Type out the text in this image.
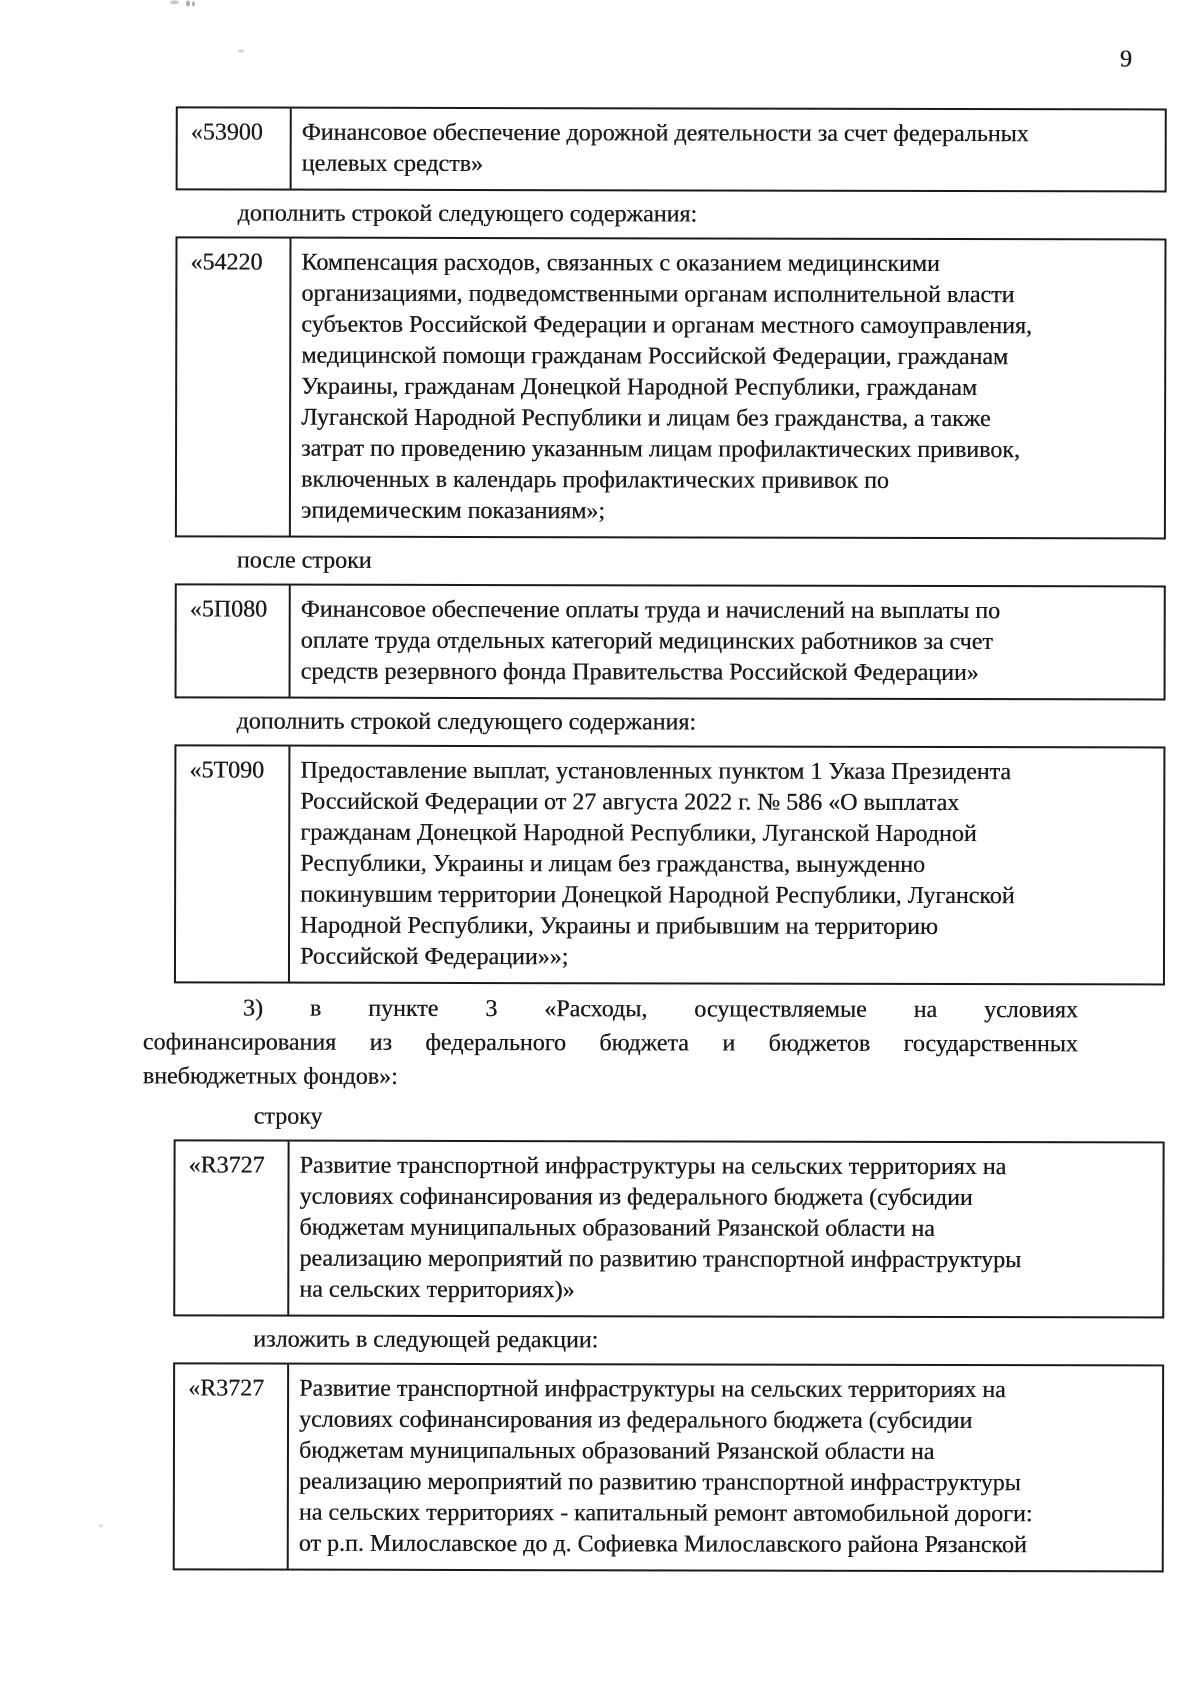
9
«53900	Финансовое обеспечение дорожной деятельности за счет федеральных
целевых средств»
дополнить строкой следующего содержания:
«54220	Компенсация расходов, связанных с оказанием медицинскими
организациями, подведомственными органам исполнительной власти
субъектов Российской Федерации и органам местного самоуправления,
медицинской помощи гражданам Российской Федерации, гражданам
Украины, гражданам Донецкой Народной Республики, гражданам
Луганской Народной Республики и лицам без гражданства, а также
затрат по проведению указанным лицам профилактических прививок,
включенных в календарь профилактических прививок по
эпидемическим показаниям»;
после строки
«5П080	Финансовое обеспечение оплаты труда и начислений на выплаты по
оплате труда отдельных категорий медицинских работников за счет
средств резервного фонда Правительства Российской Федерации»
дополнить строкой следующего содержания:
«5Т090	Предоставление выплат, установленных пунктом 1 Указа Президента
Российской Федерации от 27 августа 2022 г. № 586 «О выплатах
гражданам Донецкой Народной Республики, Луганской Народной
Республики, Украины и лицам без гражданства, вынужденно
покинувшим территории Донецкой Народной Республики, Луганской
Народной Республики, Украины и прибывшим на территорию
Российской Федерации»»;
3) в пункте 3 «Расходы, осуществляемые на условиях
софинансирования из федерального бюджета и бюджетов государственных
внебюджетных фондов»:
строку
«R3727	Развитие транспортной инфраструктуры на сельских территориях на
условиях софинансирования из федерального бюджета (субсидии
бюджетам муниципальных образований Рязанской области на
реализацию мероприятий по развитию транспортной инфраструктуры
на сельских территориях)»
изложить в следующей редакции:
«R3727	Развитие транспортной инфраструктуры на сельских территориях на
условиях софинансирования из федерального бюджета (субсидии
бюджетам муниципальных образований Рязанской области на
реализацию мероприятий по развитию транспортной инфраструктуры
на сельских территориях - капитальный ремонт автомобильной дороги:
от р.п. Милославское до д. Софиевка Милославского района Рязанской
